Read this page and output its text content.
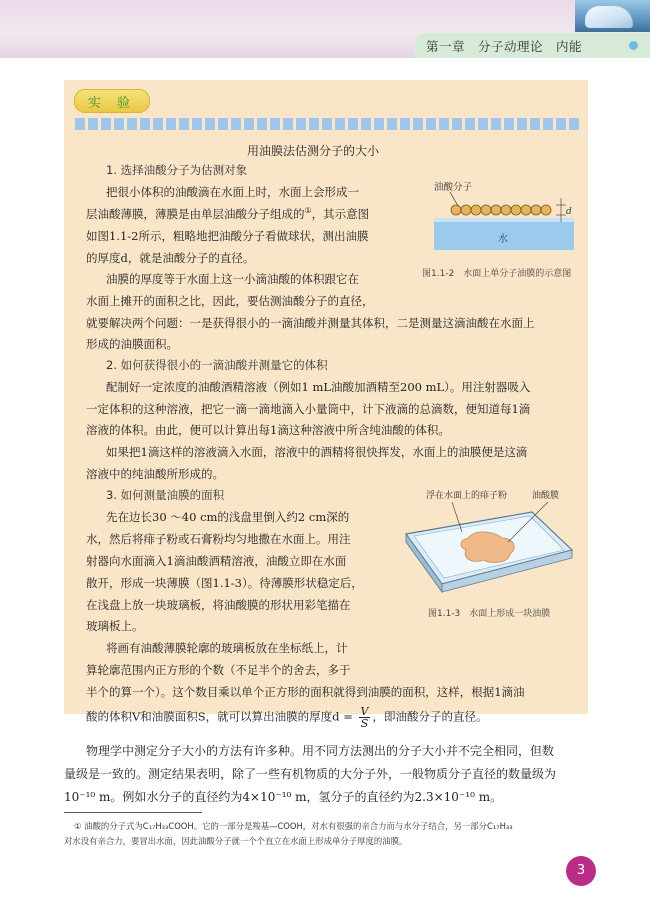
第一章　分子动理论　内能
实 验
用油膜法估测分子的大小
1. 选择油酸分子为估测对象
把很小体积的油酸滴在水面上时，水面上会形成一
层油酸薄膜，薄膜是由单层油酸分子组成的①，其示意图
如图1.1-2所示，粗略地把油酸分子看做球状，测出油膜
的厚度d，就是油酸分子的直径。
油膜的厚度等于水面上这一小滴油酸的体积跟它在
水面上摊开的面积之比，因此，要估测油酸分子的直径，
就要解决两个问题：一是获得很小的一滴油酸并测量其体积，二是测量这滴油酸在水面上
形成的油膜面积。
2. 如何获得很小的一滴油酸并测量它的体积
配制好一定浓度的油酸酒精溶液（例如1 mL油酸加酒精至200 mL）。用注射器吸入
一定体积的这种溶液，把它一滴一滴地滴入小量筒中，计下液滴的总滴数，便知道每1滴
溶液的体积。由此，便可以计算出每1滴这种溶液中所含纯油酸的体积。
如果把1滴这样的溶液滴入水面，溶液中的酒精将很快挥发，水面上的油膜便是这滴
溶液中的纯油酸所形成的。
3. 如何测量油膜的面积
先在边长30 ～40 cm的浅盘里倒入约2 cm深的
水，然后将痱子粉或石膏粉均匀地撒在水面上。用注
射器向水面滴入1滴油酸酒精溶液，油酸立即在水面
散开，形成一块薄膜（图1.1-3）。待薄膜形状稳定后，
在浅盘上放一块玻璃板，将油酸膜的形状用彩笔描在
玻璃板上。
将画有油酸薄膜轮廓的玻璃板放在坐标纸上，计
算轮廓范围内正方形的个数（不足半个的舍去，多于
半个的算一个）。这个数目乘以单个正方形的面积就得到油膜的面积，这样，根据1滴油
酸的体积V和油膜面积S，就可以算出油膜的厚度$d = \frac{V}{S}$ ，即油酸分子的直径。
油酸分子
d
水
图1.1-2　水面上单分子油膜的示意图
浮在水面上的痱子粉	油酸膜
图1.1-3　水面上形成一块油膜
物理学中测定分子大小的方法有许多种。用不同方法测出的分子大小并不完全相同，但数
量级是一致的。测定结果表明，除了一些有机物质的大分子外，一般物质分子直径的数量级为
10⁻¹⁰ m。例如水分子的直径约为4×10⁻¹⁰ m，氢分子的直径约为2.3×10⁻¹⁰ m。
① 油酸的分子式为C₁₇H₃₃COOH。它的一部分是羧基—COOH，对水有很强的亲合力而与水分子结合，另一部分C₁₇H₃₃
对水没有亲合力，要冒出水面，因此油酸分子就一个个直立在水面上形成单分子厚度的油膜。
3
